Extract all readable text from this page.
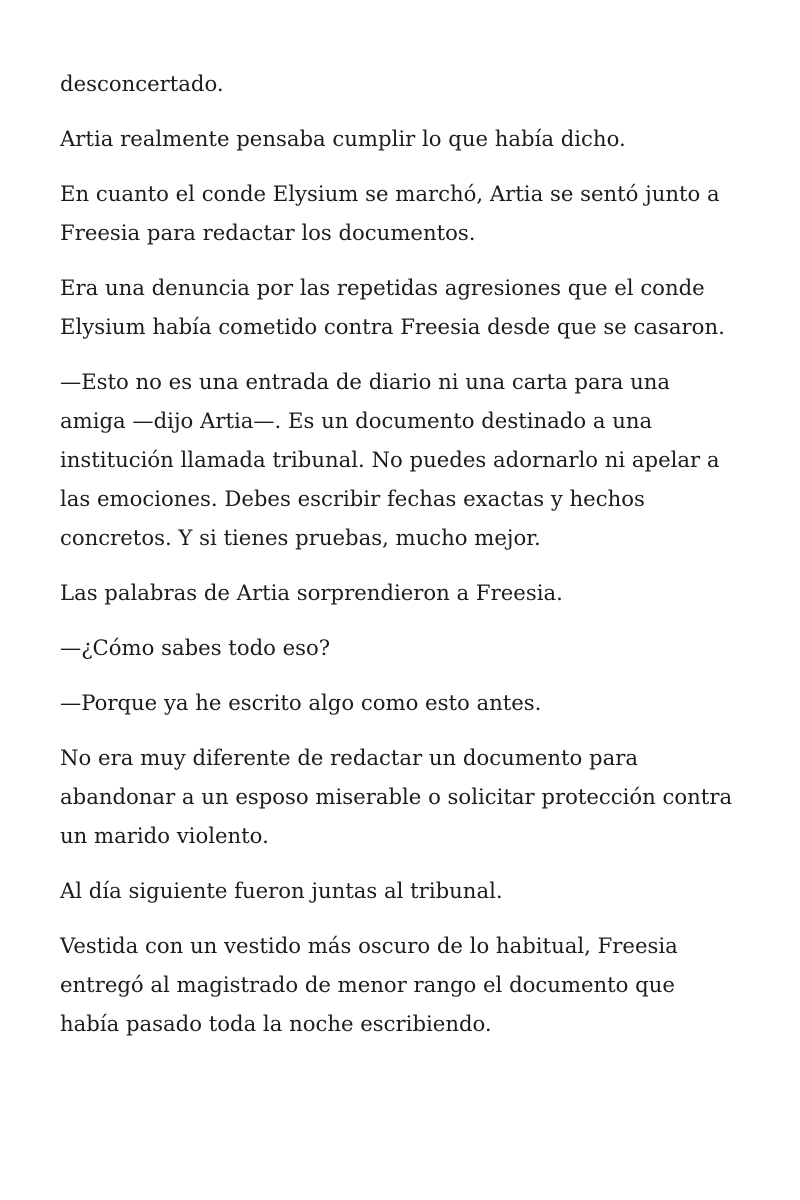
desconcertado.

Artia realmente pensaba cumplir lo que había dicho.

En cuanto el conde Elysium se marchó, Artia se sentó junto a Freesia para redactar los documentos.

Era una denuncia por las repetidas agresiones que el conde Elysium había cometido contra Freesia desde que se casaron.

—Esto no es una entrada de diario ni una carta para una amiga —dijo Artia—. Es un documento destinado a una institución llamada tribunal. No puedes adornarlo ni apelar a las emociones. Debes escribir fechas exactas y hechos concretos. Y si tienes pruebas, mucho mejor.

Las palabras de Artia sorprendieron a Freesia.

—¿Cómo sabes todo eso?

—Porque ya he escrito algo como esto antes.

No era muy diferente de redactar un documento para abandonar a un esposo miserable o solicitar protección contra un marido violento.

Al día siguiente fueron juntas al tribunal.

Vestida con un vestido más oscuro de lo habitual, Freesia entregó al magistrado de menor rango el documento que había pasado toda la noche escribiendo.
